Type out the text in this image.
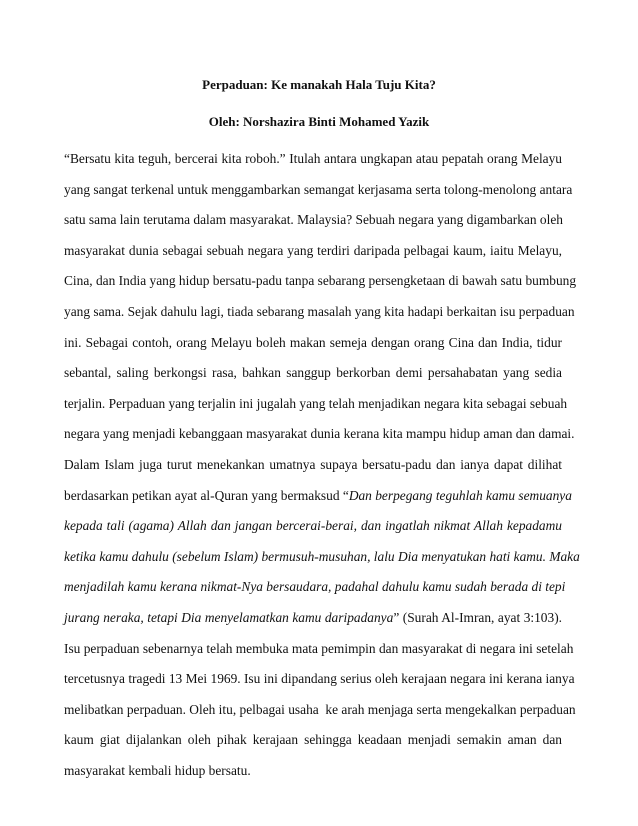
Perpaduan: Ke manakah Hala Tuju Kita?
Oleh: Norshazira Binti Mohamed Yazik
“Bersatu kita teguh, bercerai kita roboh.” Itulah antara ungkapan atau pepatah orang Melayu
yang sangat terkenal untuk menggambarkan semangat kerjasama serta tolong-menolong antara
satu sama lain terutama dalam masyarakat. Malaysia? Sebuah negara yang digambarkan oleh
masyarakat dunia sebagai sebuah negara yang terdiri daripada pelbagai kaum, iaitu Melayu,
Cina, dan India yang hidup bersatu-padu tanpa sebarang persengketaan di bawah satu bumbung
yang sama. Sejak dahulu lagi, tiada sebarang masalah yang kita hadapi berkaitan isu perpaduan
ini. Sebagai contoh, orang Melayu boleh makan semeja dengan orang Cina dan India, tidur
sebantal, saling berkongsi rasa, bahkan sanggup berkorban demi persahabatan yang sedia
terjalin. Perpaduan yang terjalin ini jugalah yang telah menjadikan negara kita sebagai sebuah
negara yang menjadi kebanggaan masyarakat dunia kerana kita mampu hidup aman dan damai.
Dalam Islam juga turut menekankan umatnya supaya bersatu-padu dan ianya dapat dilihat
berdasarkan petikan ayat al-Quran yang bermaksud “Dan berpegang teguhlah kamu semuanya
kepada tali (agama) Allah dan jangan bercerai-berai, dan ingatlah nikmat Allah kepadamu
ketika kamu dahulu (sebelum Islam) bermusuh-musuhan, lalu Dia menyatukan hati kamu. Maka
menjadilah kamu kerana nikmat-Nya bersaudara, padahal dahulu kamu sudah berada di tepi
jurang neraka, tetapi Dia menyelamatkan kamu daripadanya” (Surah Al-Imran, ayat 3:103).
Isu perpaduan sebenarnya telah membuka mata pemimpin dan masyarakat di negara ini setelah
tercetusnya tragedi 13 Mei 1969. Isu ini dipandang serius oleh kerajaan negara ini kerana ianya
melibatkan perpaduan. Oleh itu, pelbagai usaha  ke arah menjaga serta mengekalkan perpaduan
kaum giat dijalankan oleh pihak kerajaan sehingga keadaan menjadi semakin aman dan
masyarakat kembali hidup bersatu.
